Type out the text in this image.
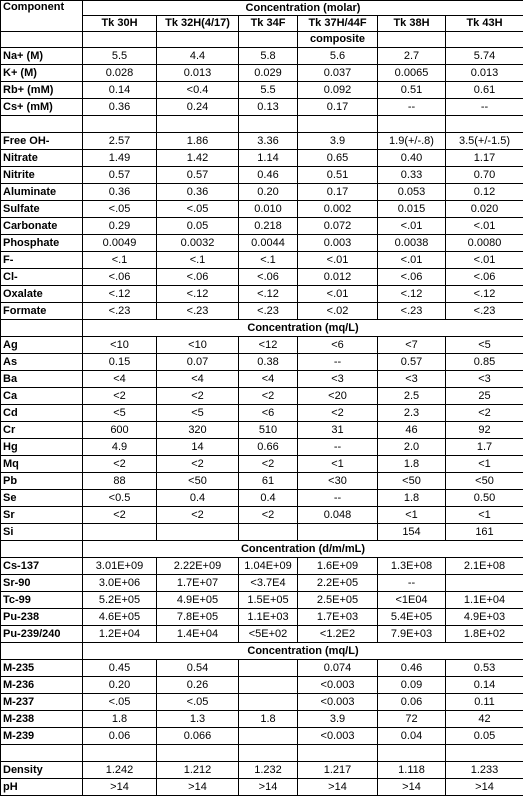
Component	Concentration (molar)					
	Tk 30H	Tk 32H(4/17)	Tk 34F	Tk 37H/44F	Tk 38H	Tk 43H
				composite		
Na+ (M)	5.5	4.4	5.8	5.6	2.7	5.74
K+ (M)	0.028	0.013	0.029	0.037	0.0065	0.013
Rb+ (mM)	0.14	<0.4	5.5	0.092	0.51	0.61
Cs+ (mM)	0.36	0.24	0.13	0.17	--	--

Free OH-	2.57	1.86	3.36	3.9	1.9(+/-.8)	3.5(+/-1.5)
Nitrate	1.49	1.42	1.14	0.65	0.40	1.17
Nitrite	0.57	0.57	0.46	0.51	0.33	0.70
Aluminate	0.36	0.36	0.20	0.17	0.053	0.12
Sulfate	<.05	<.05	0.010	0.002	0.015	0.020
Carbonate	0.29	0.05	0.218	0.072	<.01	<.01
Phosphate	0.0049	0.0032	0.0044	0.003	0.0038	0.0080
F-	<.1	<.1	<.1	<.01	<.01	<.01
Cl-	<.06	<.06	<.06	0.012	<.06	<.06
Oxalate	<.12	<.12	<.12	<.01	<.12	<.12
Formate	<.23	<.23	<.23	<.02	<.23	<.23
	Concentration (mq/L)					
Ag	<10	<10	<12	<6	<7	<5
As	0.15	0.07	0.38	--	0.57	0.85
Ba	<4	<4	<4	<3	<3	<3
Ca	<2	<2	<2	<20	2.5	25
Cd	<5	<5	<6	<2	2.3	<2
Cr	600	320	510	31	46	92
Hg	4.9	14	0.66	--	2.0	1.7
Mq	<2	<2	<2	<1	1.8	<1
Pb	88	<50	61	<30	<50	<50
Se	<0.5	0.4	0.4	--	1.8	0.50
Sr	<2	<2	<2	0.048	<1	<1
Si					154	161
	Concentration (d/m/mL)					
Cs-137	3.01E+09	2.22E+09	1.04E+09	1.6E+09	1.3E+08	2.1E+08
Sr-90	3.0E+06	1.7E+07	<3.7E4	2.2E+05	--	
Tc-99	5.2E+05	4.9E+05	1.5E+05	2.5E+05	<1E04	1.1E+04
Pu-238	4.6E+05	7.8E+05	1.1E+03	1.7E+03	5.4E+05	4.9E+03
Pu-239/240	1.2E+04	1.4E+04	<5E+02	<1.2E2	7.9E+03	1.8E+02
	Concentration (mq/L)					
M-235	0.45	0.54		0.074	0.46	0.53
M-236	0.20	0.26		<0.003	0.09	0.14
M-237	<.05	<.05		<0.003	0.06	0.11
M-238	1.8	1.3	1.8	3.9	72	42
M-239	0.06	0.066		<0.003	0.04	0.05

Density	1.242	1.212	1.232	1.217	1.118	1.233
pH	>14	>14	>14	>14	>14	>14
